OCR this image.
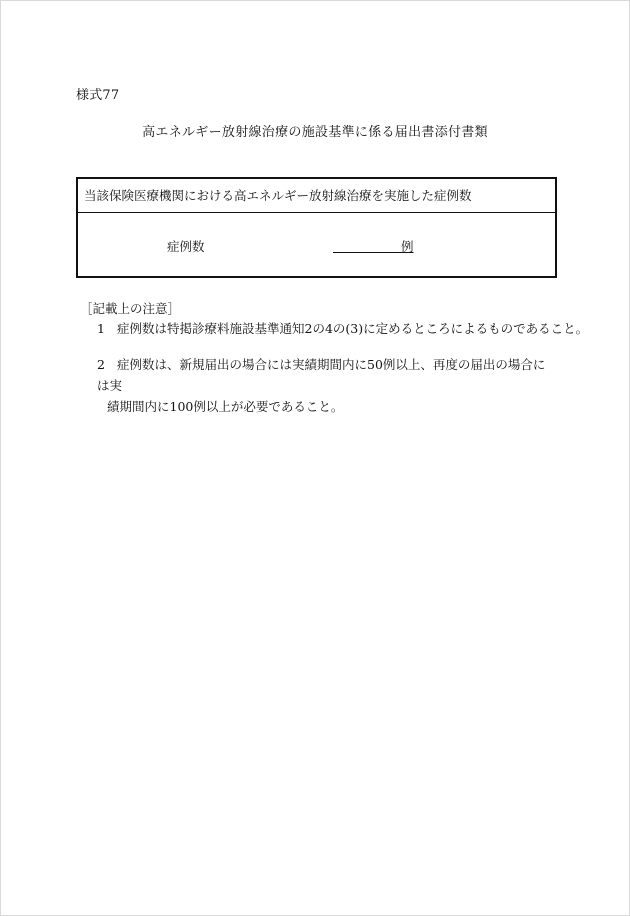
様式77
高エネルギー放射線治療の施設基準に係る届出書添付書類
当該保険医療機関における高エネルギー放射線治療を実施した症例数
症例数	例
［記載上の注意］
1 症例数は特掲診療料施設基準通知2の4の(3)に定めるところによるものであること。
2 症例数は、新規届出の場合には実績期間内に50例以上、再度の届出の場合には実
績期間内に100例以上が必要であること。
